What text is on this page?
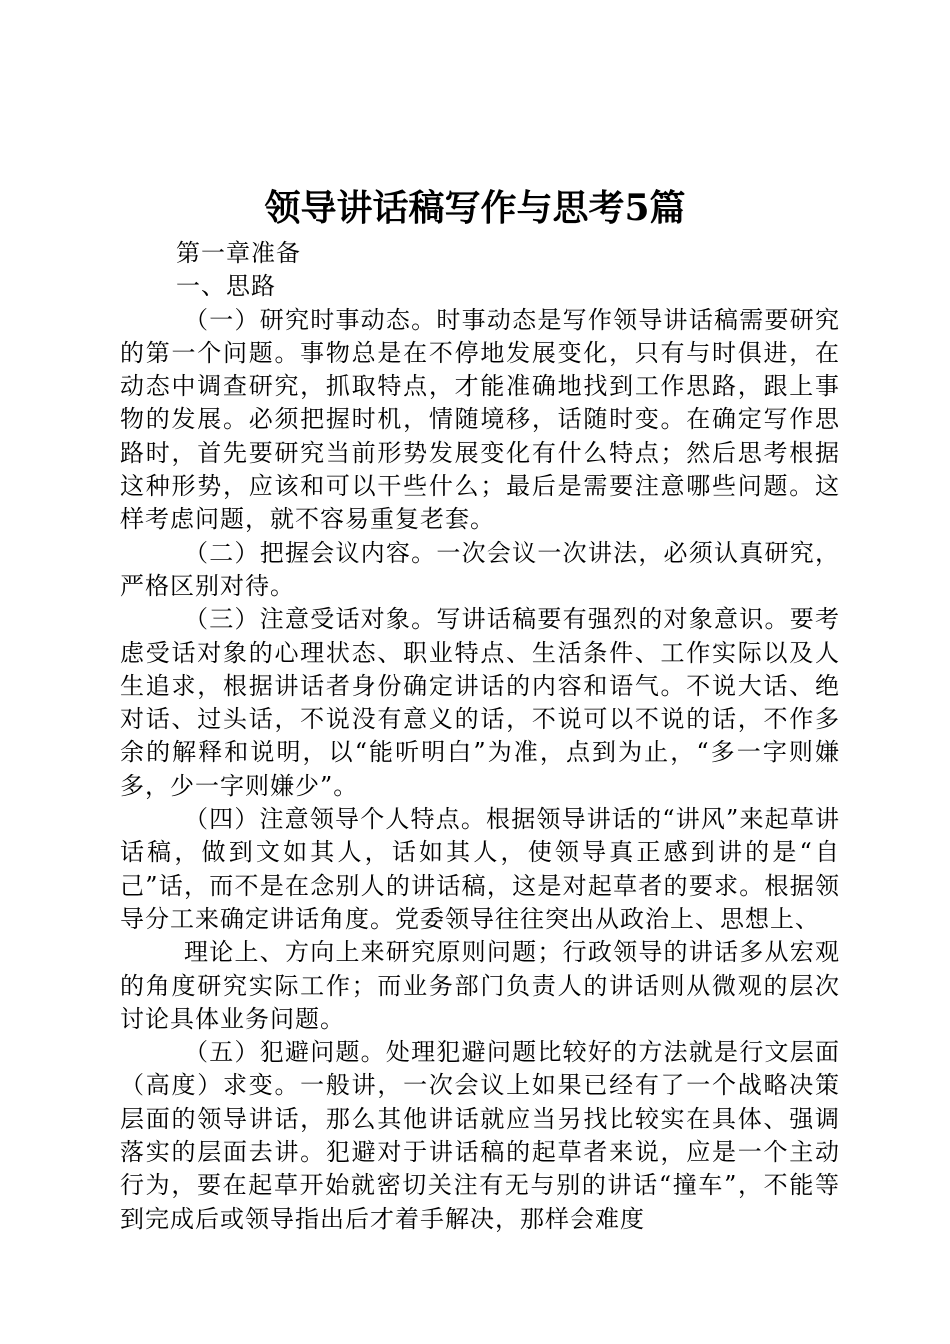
领导讲话稿写作与思考5篇

第一章准备

一、思路

（一）研究时事动态。时事动态是写作领导讲话稿需要研究的第一个问题。事物总是在不停地发展变化，只有与时俱进，在动态中调查研究，抓取特点，才能准确地找到工作思路，跟上事物的发展。必须把握时机，情随境移，话随时变。在确定写作思路时，首先要研究当前形势发展变化有什么特点；然后思考根据这种形势，应该和可以干些什么；最后是需要注意哪些问题。这样考虑问题，就不容易重复老套。

（二）把握会议内容。一次会议一次讲法，必须认真研究，严格区别对待。

（三）注意受话对象。写讲话稿要有强烈的对象意识。要考虑受话对象的心理状态、职业特点、生活条件、工作实际以及人生追求，根据讲话者身份确定讲话的内容和语气。不说大话、绝对话、过头话，不说没有意义的话，不说可以不说的话，不作多余的解释和说明，以“能听明白”为准，点到为止，“多一字则嫌多，少一字则嫌少”。

（四）注意领导个人特点。根据领导讲话的“讲风”来起草讲话稿，做到文如其人，话如其人，使领导真正感到讲的是“自己”话，而不是在念别人的讲话稿，这是对起草者的要求。根据领导分工来确定讲话角度。党委领导往往突出从政治上、思想上、

理论上、方向上来研究原则问题；行政领导的讲话多从宏观的角度研究实际工作；而业务部门负责人的讲话则从微观的层次讨论具体业务问题。

（五）犯避问题。处理犯避问题比较好的方法就是行文层面（高度）求变。一般讲，一次会议上如果已经有了一个战略决策层面的领导讲话，那么其他讲话就应当另找比较实在具体、强调落实的层面去讲。犯避对于讲话稿的起草者来说，应是一个主动行为，要在起草开始就密切关注有无与别的讲话“撞车”，不能等到完成后或领导指出后才着手解决，那样会难度
